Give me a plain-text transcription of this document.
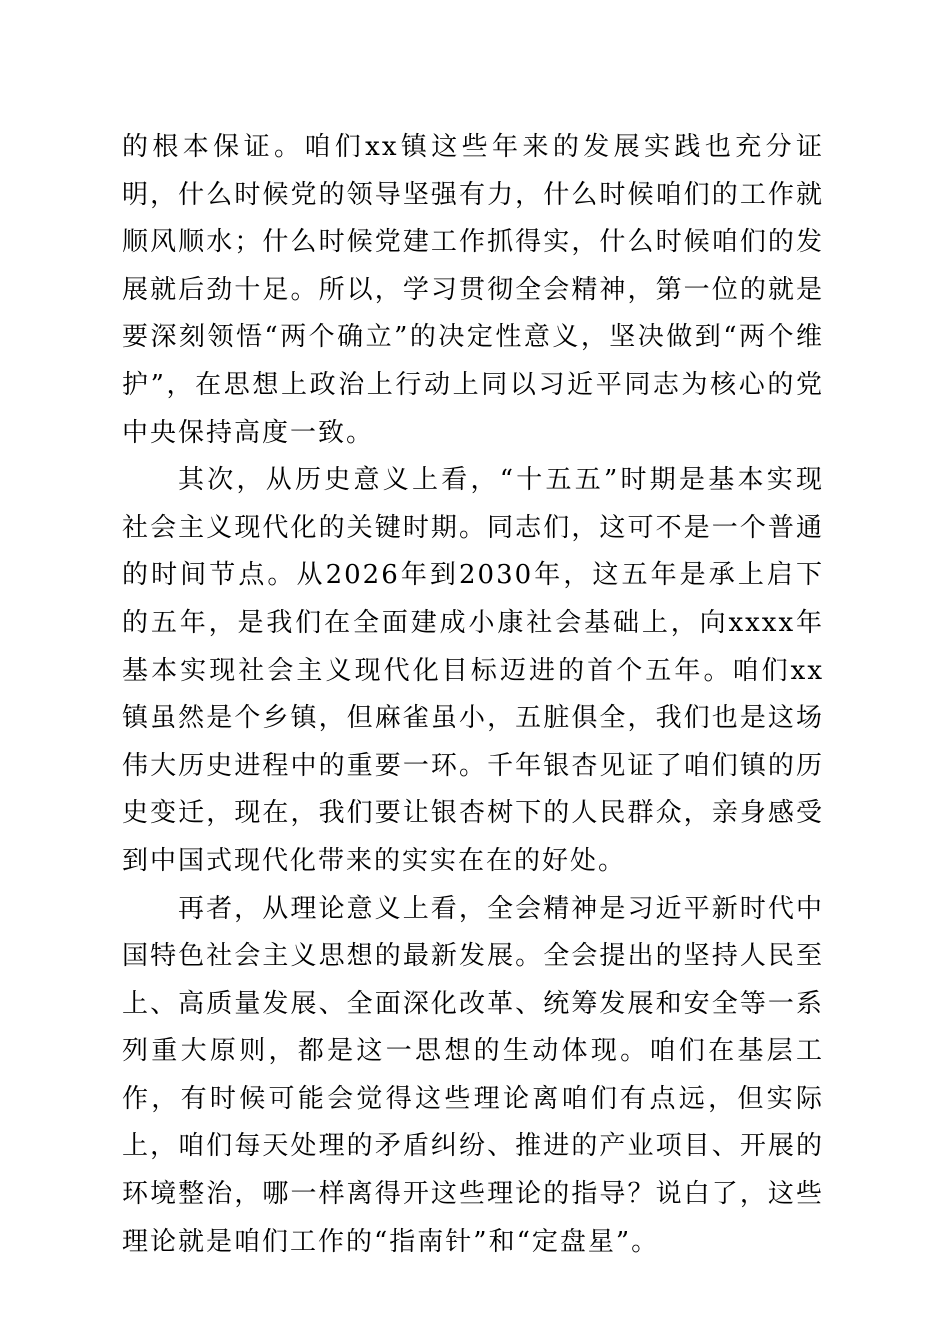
的根本保证。咱们xx镇这些年来的发展实践也充分证明，什么时候党的领导坚强有力，什么时候咱们的工作就顺风顺水；什么时候党建工作抓得实，什么时候咱们的发展就后劲十足。所以，学习贯彻全会精神，第一位的就是要深刻领悟“两个确立”的决定性意义，坚决做到“两个维护”，在思想上政治上行动上同以习近平同志为核心的党中央保持高度一致。

其次，从历史意义上看，“十五五”时期是基本实现社会主义现代化的关键时期。同志们，这可不是一个普通的时间节点。从2026年到2030年，这五年是承上启下的五年，是我们在全面建成小康社会基础上，向xxxx年基本实现社会主义现代化目标迈进的首个五年。咱们xx镇虽然是个乡镇，但麻雀虽小，五脏俱全，我们也是这场伟大历史进程中的重要一环。千年银杏见证了咱们镇的历史变迁，现在，我们要让银杏树下的人民群众，亲身感受到中国式现代化带来的实实在在的好处。

再者，从理论意义上看，全会精神是习近平新时代中国特色社会主义思想的最新发展。全会提出的坚持人民至上、高质量发展、全面深化改革、统筹发展和安全等一系列重大原则，都是这一思想的生动体现。咱们在基层工作，有时候可能会觉得这些理论离咱们有点远，但实际上，咱们每天处理的矛盾纠纷、推进的产业项目、开展的环境整治，哪一样离得开这些理论的指导？说白了，这些理论就是咱们工作的“指南针”和“定盘星”。
